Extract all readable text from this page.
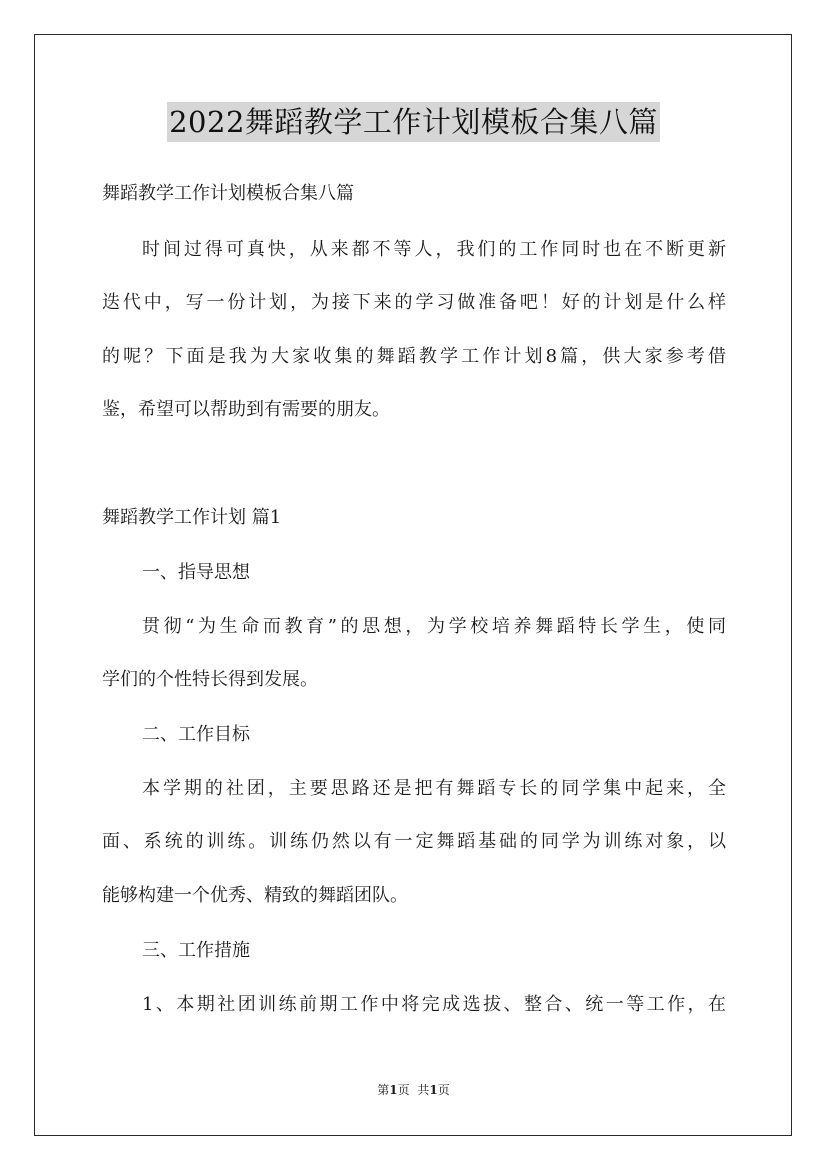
2022舞蹈教学工作计划模板合集八篇
舞蹈教学工作计划模板合集八篇
时间过得可真快，从来都不等人，我们的工作同时也在不断更新
迭代中，写一份计划，为接下来的学习做准备吧！好的计划是什么样
的呢？下面是我为大家收集的舞蹈教学工作计划8篇，供大家参考借
鉴，希望可以帮助到有需要的朋友。
舞蹈教学工作计划 篇1
一、指导思想
贯彻“为生命而教育”的思想，为学校培养舞蹈特长学生，使同
学们的个性特长得到发展。
二、工作目标
本学期的社团，主要思路还是把有舞蹈专长的同学集中起来，全
面、系统的训练。训练仍然以有一定舞蹈基础的同学为训练对象，以
能够构建一个优秀、精致的舞蹈团队。
三、工作措施
1、本期社团训练前期工作中将完成选拔、整合、统一等工作，在
第1页 共1页
